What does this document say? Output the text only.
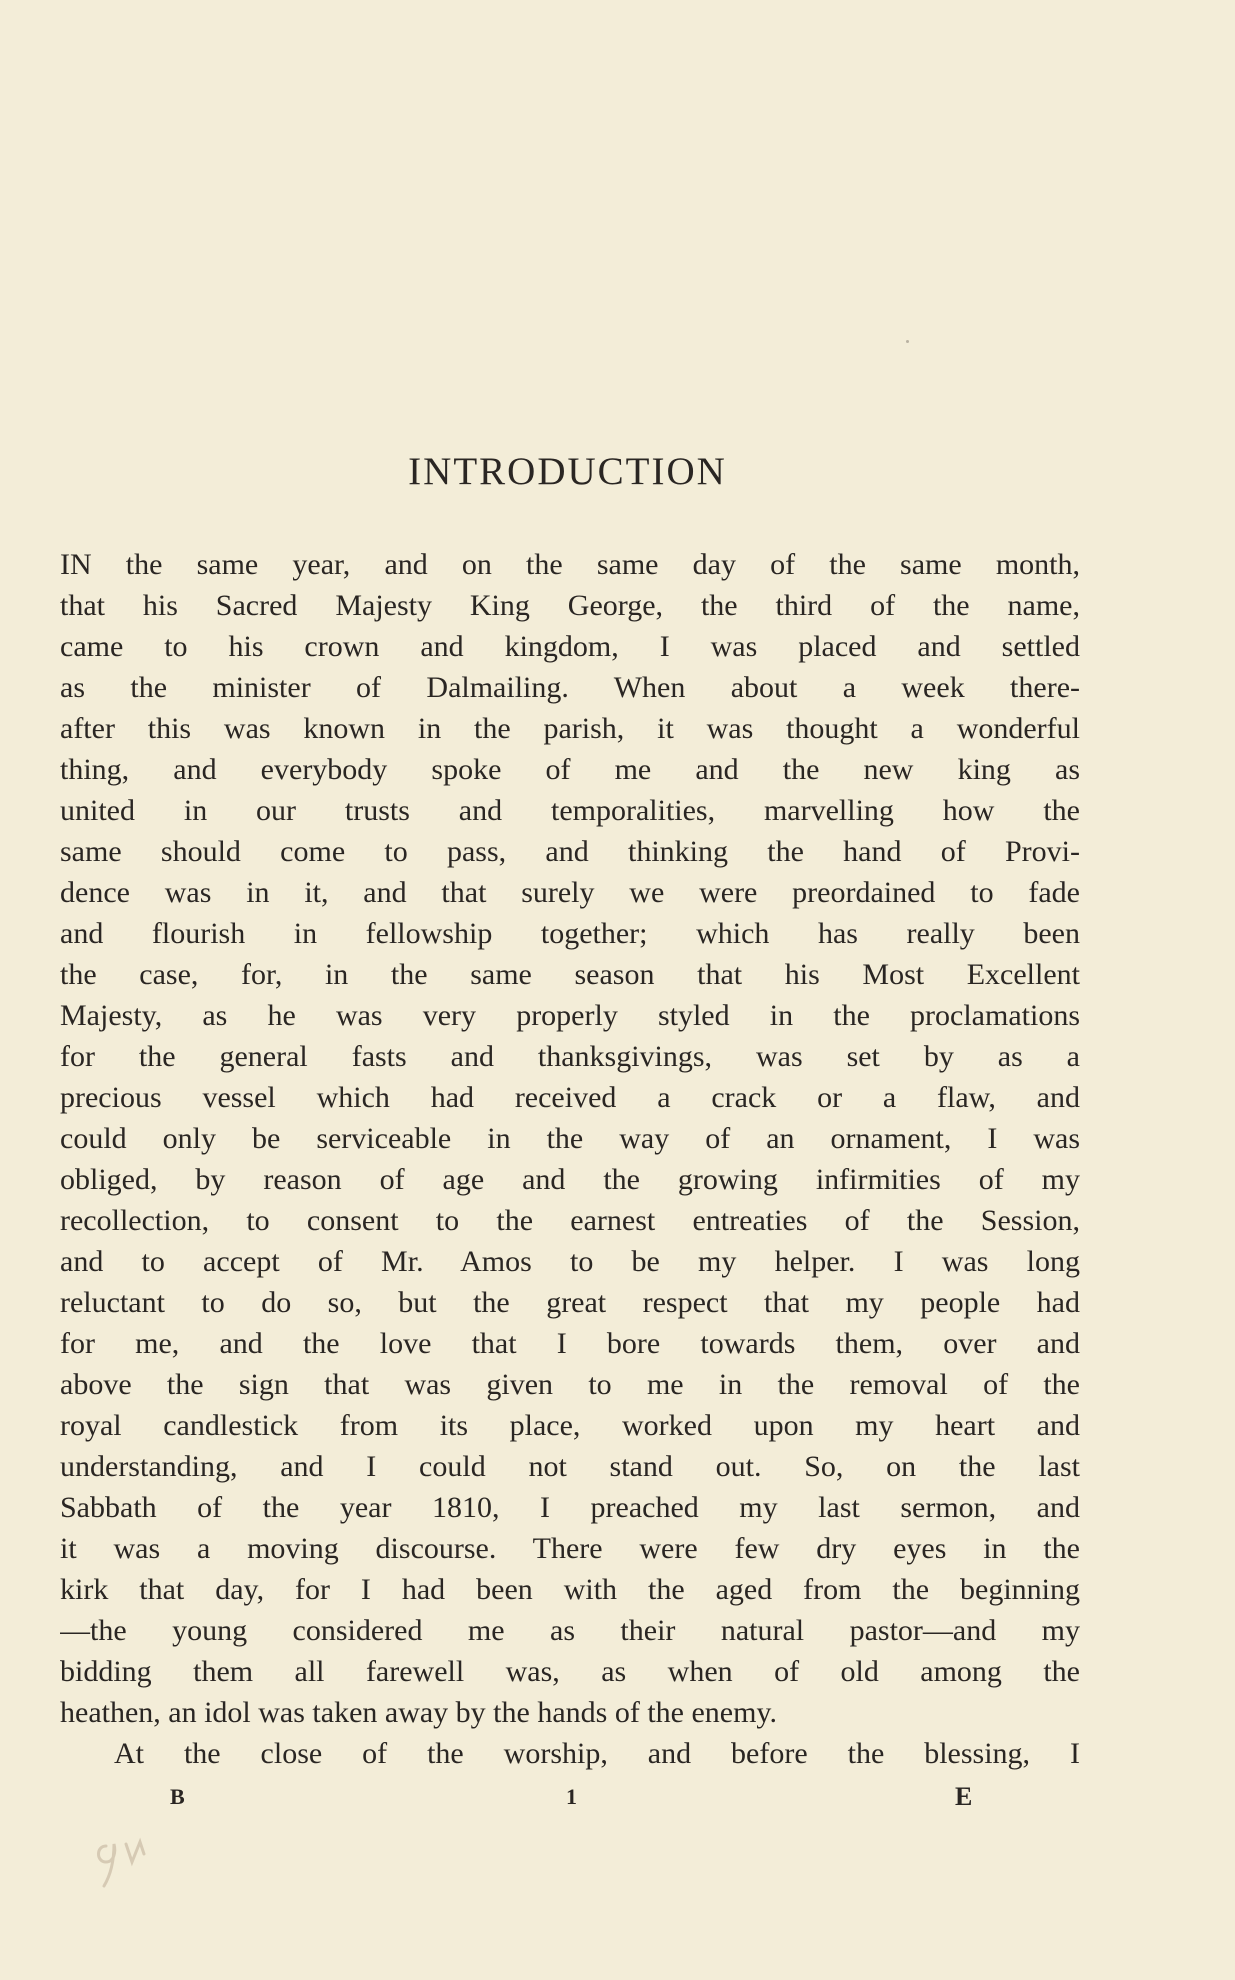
INTRODUCTION
IN the same year, and on the same day of the same month,
that his Sacred Majesty King George, the third of the name,
came to his crown and kingdom, I was placed and settled
as the minister of Dalmailing. When about a week there-
after this was known in the parish, it was thought a wonderful
thing, and everybody spoke of me and the new king as
united in our trusts and temporalities, marvelling how the
same should come to pass, and thinking the hand of Provi-
dence was in it, and that surely we were preordained to fade
and flourish in fellowship together; which has really been
the case, for, in the same season that his Most Excellent
Majesty, as he was very properly styled in the proclamations
for the general fasts and thanksgivings, was set by as a
precious vessel which had received a crack or a flaw, and
could only be serviceable in the way of an ornament, I was
obliged, by reason of age and the growing infirmities of my
recollection, to consent to the earnest entreaties of the Session,
and to accept of Mr. Amos to be my helper. I was long
reluctant to do so, but the great respect that my people had
for me, and the love that I bore towards them, over and
above the sign that was given to me in the removal of the
royal candlestick from its place, worked upon my heart and
understanding, and I could not stand out. So, on the last
Sabbath of the year 1810, I preached my last sermon, and
it was a moving discourse. There were few dry eyes in the
kirk that day, for I had been with the aged from the beginning
—the young considered me as their natural pastor—and my
bidding them all farewell was, as when of old among the
heathen, an idol was taken away by the hands of the enemy.
At the close of the worship, and before the blessing, I
B	1	E
